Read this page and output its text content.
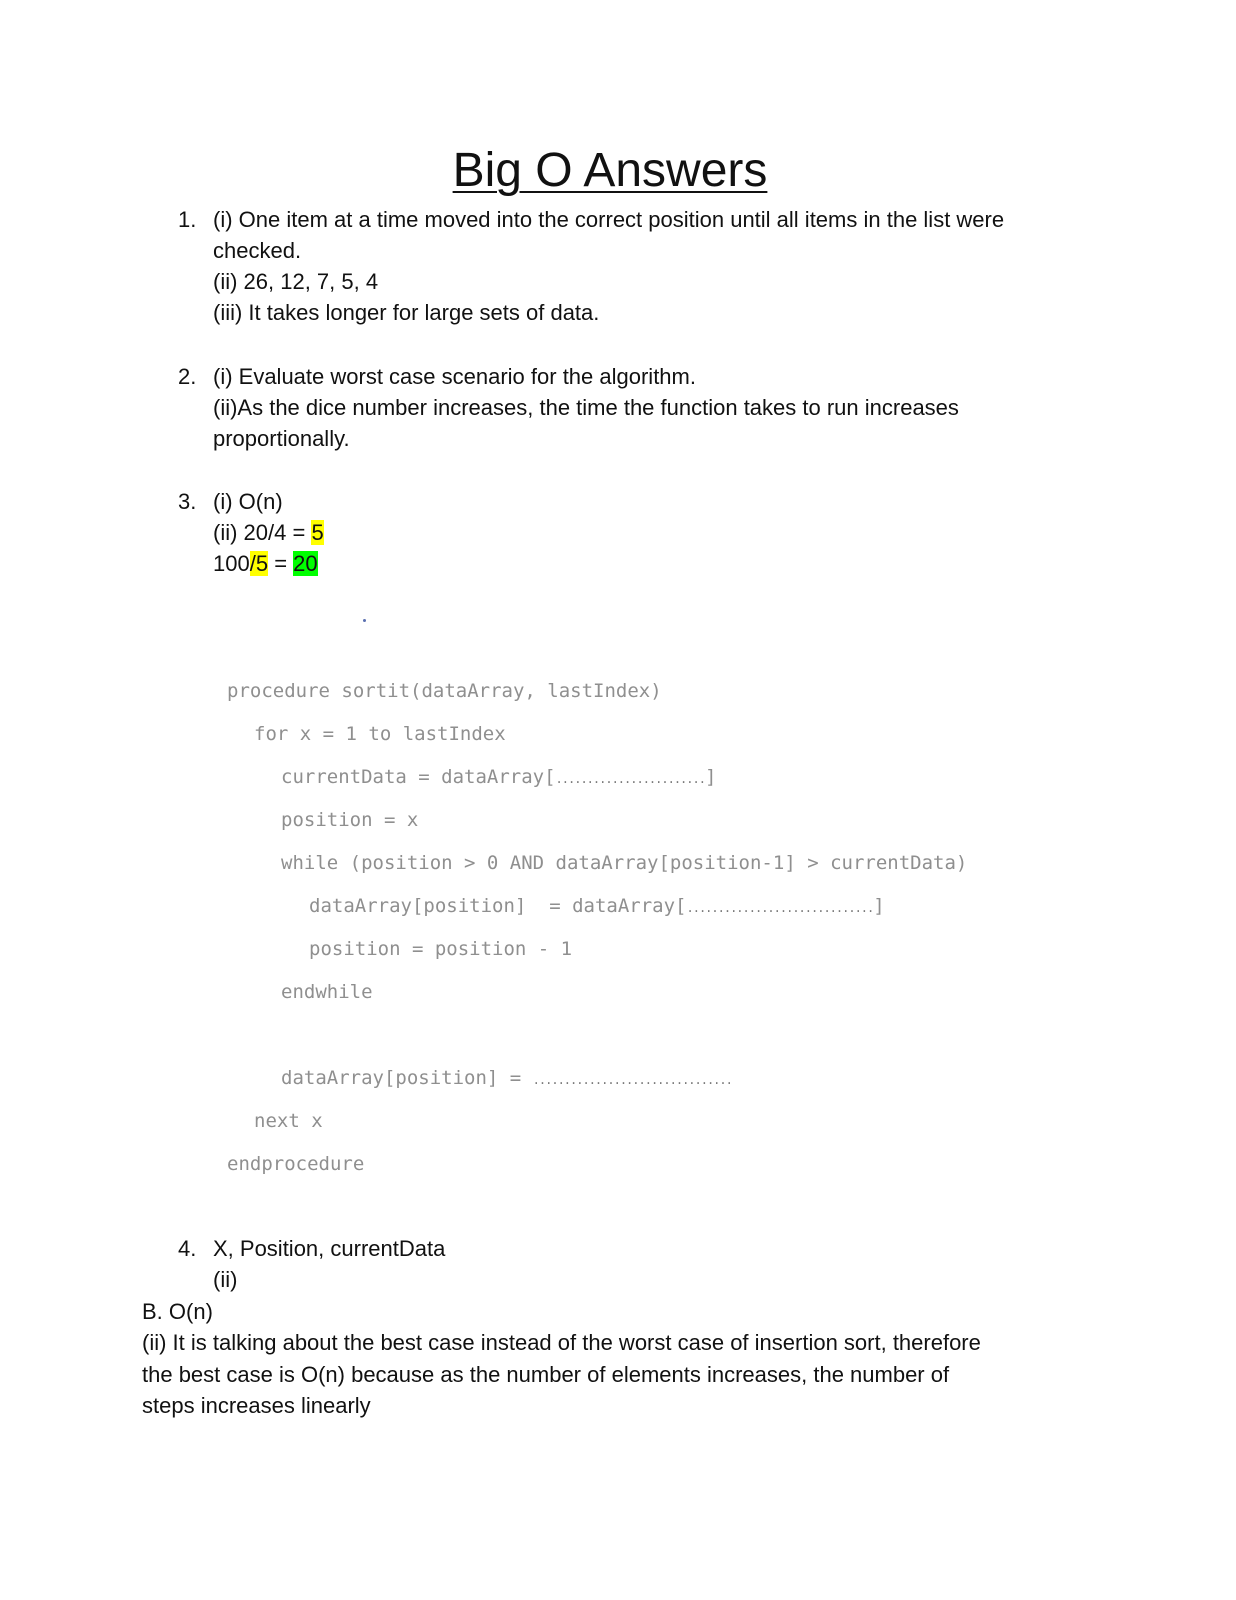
Big O Answers
1. (i) One item at a time moved into the correct position until all items in the list were
checked.
(ii) 26, 12, 7, 5, 4
(iii) It takes longer for large sets of data.
2. (i) Evaluate worst case scenario for the algorithm.
(ii)As the dice number increases, the time the function takes to run increases
proportionally.
3. (i) O(n)
(ii) 20/4 = 5
100/5 = 20
procedure sortit(dataArray, lastIndex)
for x = 1 to lastIndex
currentData = dataArray[........................]
position = x
while (position > 0 AND dataArray[position-1] > currentData)
dataArray[position]  = dataArray[..............................]
position = position - 1
endwhile
dataArray[position] = ................................
next x
endprocedure
4. X, Position, currentData
(ii)
B. O(n)
(ii) It is talking about the best case instead of the worst case of insertion sort, therefore
the best case is O(n) because as the number of elements increases, the number of
steps increases linearly
